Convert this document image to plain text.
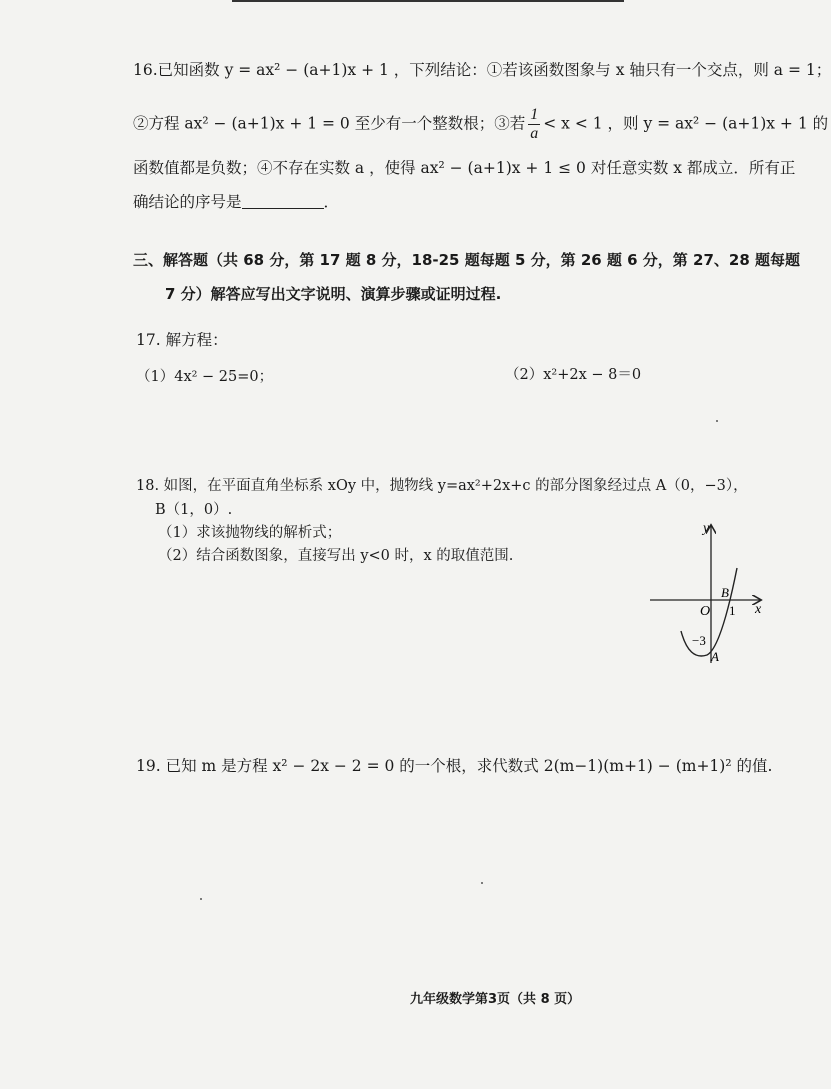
16.已知函数 y = ax² − (a+1)x + 1 ，下列结论：①若该函数图象与 x 轴只有一个交点，则 a = 1；
②方程 ax² − (a+1)x + 1 = 0 至少有一个整数根；③若 $\frac{1}{a} < x < 1$ ，则 y = ax² − (a+1)x + 1 的
函数值都是负数；④不存在实数 a ，使得 ax² − (a+1)x + 1 ≤ 0 对任意实数 x 都成立．所有正
确结论的序号是	．
三、解答题（共 68 分，第 17 题 8 分，18-25 题每题 5 分，第 26 题 6 分，第 27、28 题每题
7 分）解答应写出文字说明、演算步骤或证明过程.
17. 解方程：
（1）4x² − 25=0；	（2）x²+2x − 8＝0
18. 如图，在平面直角坐标系 xOy 中，抛物线 y=ax²+2x+c 的部分图象经过点 A（0，−3），
B（1，0）.
（1）求该抛物线的解析式；
（2）结合函数图象，直接写出 y<0 时，x 的取值范围.
y
x
O
B
1
−3
A
19. 已知 m 是方程 x² − 2x − 2 = 0 的一个根，求代数式 2(m−1)(m+1) − (m+1)² 的值.
九年级数学第3页（共 8 页）
